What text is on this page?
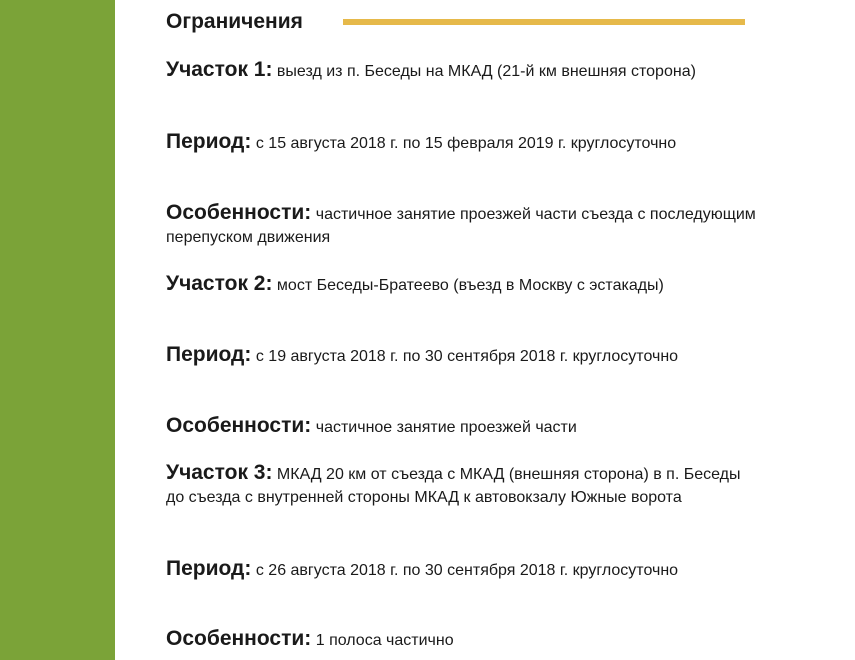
Ограничения
Участок 1: выезд из п. Беседы на МКАД (21-й км внешняя сторона)
Период: с 15 августа 2018 г. по 15 февраля 2019 г. круглосуточно
Особенности: частичное занятие проезжей части съезда с последующим перепуском движения
Участок 2: мост Беседы-Братеево (въезд в Москву с эстакады)
Период: с 19 августа 2018 г. по 30 сентября 2018 г. круглосуточно
Особенности: частичное занятие проезжей части
Участок 3: МКАД 20 км от съезда с МКАД (внешняя сторона) в п. Беседы до съезда с внутренней стороны МКАД к автовокзалу Южные ворота
Период: с 26 августа 2018 г. по 30 сентября 2018 г. круглосуточно
Особенности: 1 полоса частично
